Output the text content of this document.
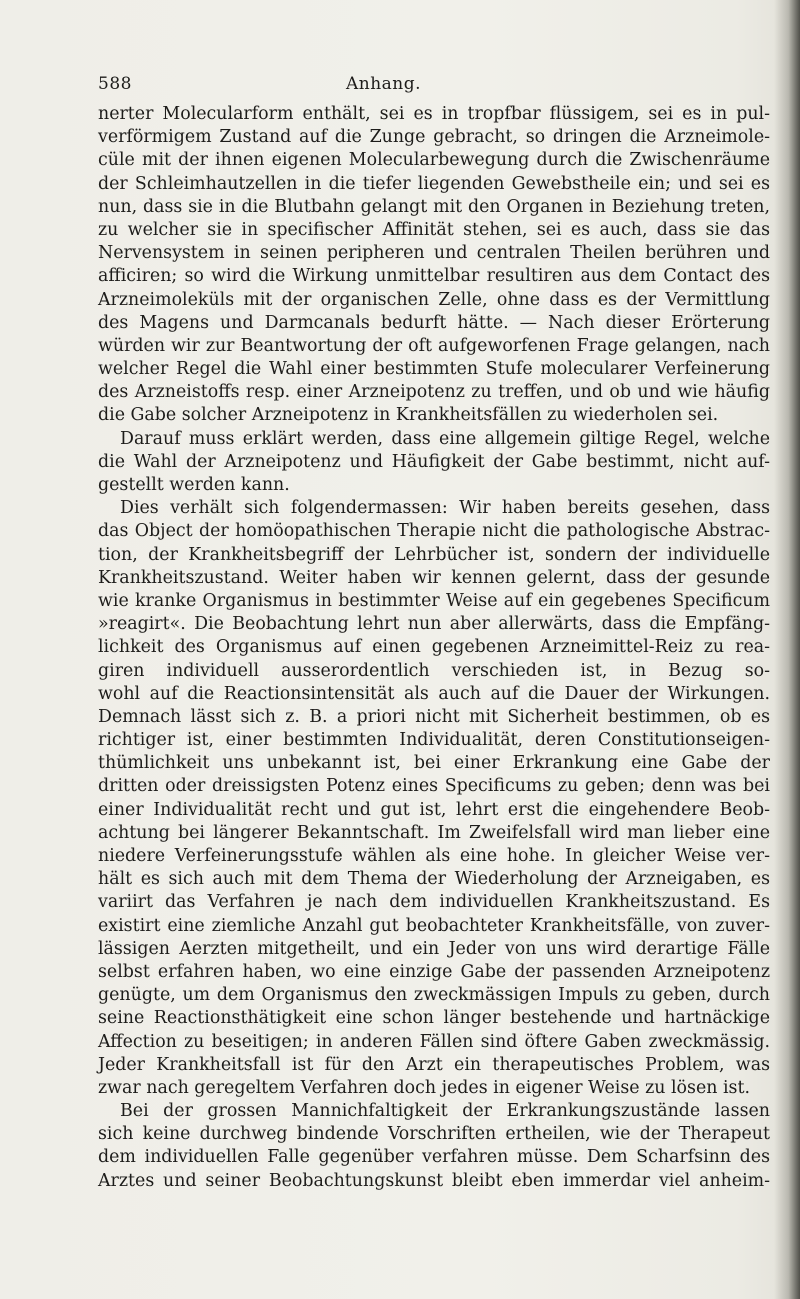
588	Anhang.
nerter Molecularform enthält, sei es in tropfbar flüssigem, sei es in pul-
verförmigem Zustand auf die Zunge gebracht, so dringen die Arzneimole-
cüle mit der ihnen eigenen Molecularbewegung durch die Zwischenräume
der Schleimhautzellen in die tiefer liegenden Gewebstheile ein; und sei es
nun, dass sie in die Blutbahn gelangt mit den Organen in Beziehung treten,
zu welcher sie in specifischer Affinität stehen, sei es auch, dass sie das
Nervensystem in seinen peripheren und centralen Theilen berühren und
afficiren; so wird die Wirkung unmittelbar resultiren aus dem Contact des
Arzneimoleküls mit der organischen Zelle, ohne dass es der Vermittlung
des Magens und Darmcanals bedurft hätte. — Nach dieser Erörterung
würden wir zur Beantwortung der oft aufgeworfenen Frage gelangen, nach
welcher Regel die Wahl einer bestimmten Stufe molecularer Verfeinerung
des Arzneistoffs resp. einer Arzneipotenz zu treffen, und ob und wie häufig
die Gabe solcher Arzneipotenz in Krankheitsfällen zu wiederholen sei.
Darauf muss erklärt werden, dass eine allgemein giltige Regel, welche
die Wahl der Arzneipotenz und Häufigkeit der Gabe bestimmt, nicht auf-
gestellt werden kann.
Dies verhält sich folgendermassen: Wir haben bereits gesehen, dass
das Object der homöopathischen Therapie nicht die pathologische Abstrac-
tion, der Krankheitsbegriff der Lehrbücher ist, sondern der individuelle
Krankheitszustand. Weiter haben wir kennen gelernt, dass der gesunde
wie kranke Organismus in bestimmter Weise auf ein gegebenes Specificum
»reagirt«. Die Beobachtung lehrt nun aber allerwärts, dass die Empfäng-
lichkeit des Organismus auf einen gegebenen Arzneimittel-Reiz zu rea-
giren individuell ausserordentlich verschieden ist, in Bezug so-
wohl auf die Reactionsintensität als auch auf die Dauer der Wirkungen.
Demnach lässt sich z. B. a priori nicht mit Sicherheit bestimmen, ob es
richtiger ist, einer bestimmten Individualität, deren Constitutionseigen-
thümlichkeit uns unbekannt ist, bei einer Erkrankung eine Gabe der
dritten oder dreissigsten Potenz eines Specificums zu geben; denn was bei
einer Individualität recht und gut ist, lehrt erst die eingehendere Beob-
achtung bei längerer Bekanntschaft. Im Zweifelsfall wird man lieber eine
niedere Verfeinerungsstufe wählen als eine hohe. In gleicher Weise ver-
hält es sich auch mit dem Thema der Wiederholung der Arzneigaben, es
variirt das Verfahren je nach dem individuellen Krankheitszustand. Es
existirt eine ziemliche Anzahl gut beobachteter Krankheitsfälle, von zuver-
lässigen Aerzten mitgetheilt, und ein Jeder von uns wird derartige Fälle
selbst erfahren haben, wo eine einzige Gabe der passenden Arzneipotenz
genügte, um dem Organismus den zweckmässigen Impuls zu geben, durch
seine Reactionsthätigkeit eine schon länger bestehende und hartnäckige
Affection zu beseitigen; in anderen Fällen sind öftere Gaben zweckmässig.
Jeder Krankheitsfall ist für den Arzt ein therapeutisches Problem, was
zwar nach geregeltem Verfahren doch jedes in eigener Weise zu lösen ist.
Bei der grossen Mannichfaltigkeit der Erkrankungszustände lassen
sich keine durchweg bindende Vorschriften ertheilen, wie der Therapeut
dem individuellen Falle gegenüber verfahren müsse. Dem Scharfsinn des
Arztes und seiner Beobachtungskunst bleibt eben immerdar viel anheim-
